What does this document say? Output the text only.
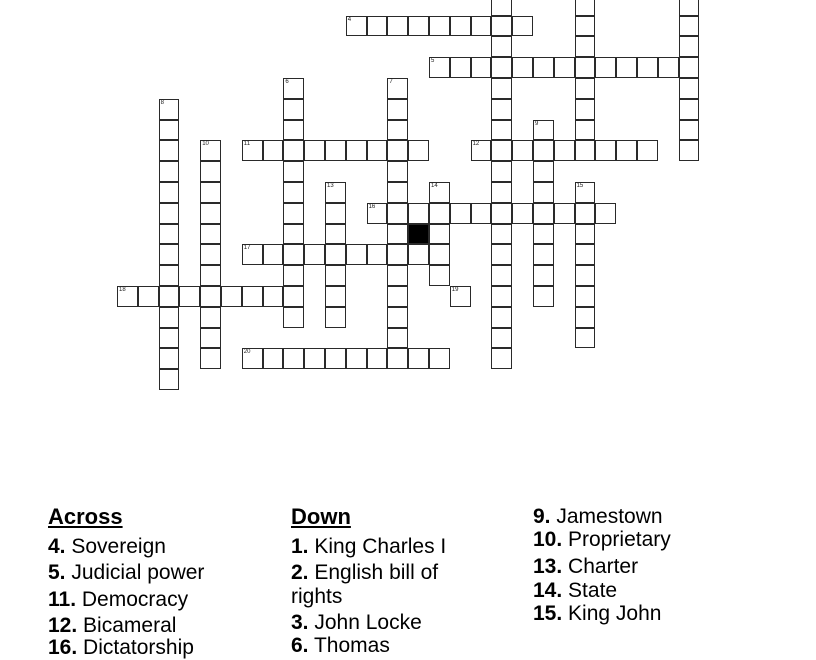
4
5
6	7
8
9
10	11	12
13	14	15
16
17
18	19
20
Across
4. Sovereign
5. Judicial power
11. Democracy
12. Bicameral
16. Dictatorship
Down
1. King Charles I
2. English bill of
rights
3. John Locke
6. Thomas
9. Jamestown
10. Proprietary
13. Charter
14. State
15. King John
